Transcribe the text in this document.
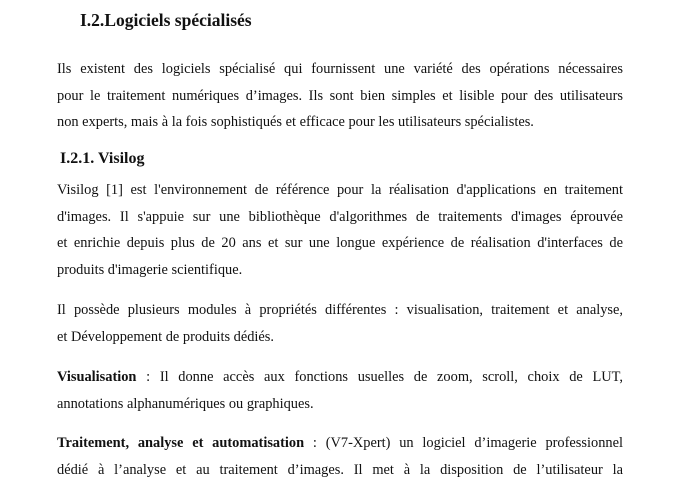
I.2.Logiciels spécialisés
Ils existent des logiciels spécialisé qui fournissent une variété des opérations nécessaires
pour le traitement numériques d’images. Ils sont bien simples et lisible pour des utilisateurs
non experts, mais à la fois sophistiqués et efficace pour les utilisateurs spécialistes.
I.2.1. Visilog
Visilog [1] est l'environnement de référence pour la réalisation d'applications en traitement
d'images. Il s'appuie sur une bibliothèque d'algorithmes de traitements d'images éprouvée
et enrichie depuis plus de 20 ans et sur une longue expérience de réalisation d'interfaces de
produits d'imagerie scientifique.
Il possède plusieurs modules à propriétés différentes : visualisation, traitement et analyse,
et Développement de produits dédiés.
Visualisation : Il donne accès aux fonctions usuelles de zoom, scroll, choix de LUT,
annotations alphanumériques ou graphiques.
Traitement, analyse et automatisation : (V7-Xpert) un logiciel d’imagerie professionnel
dédié à l’analyse et au traitement d’images. Il met à la disposition de l’utilisateur la
